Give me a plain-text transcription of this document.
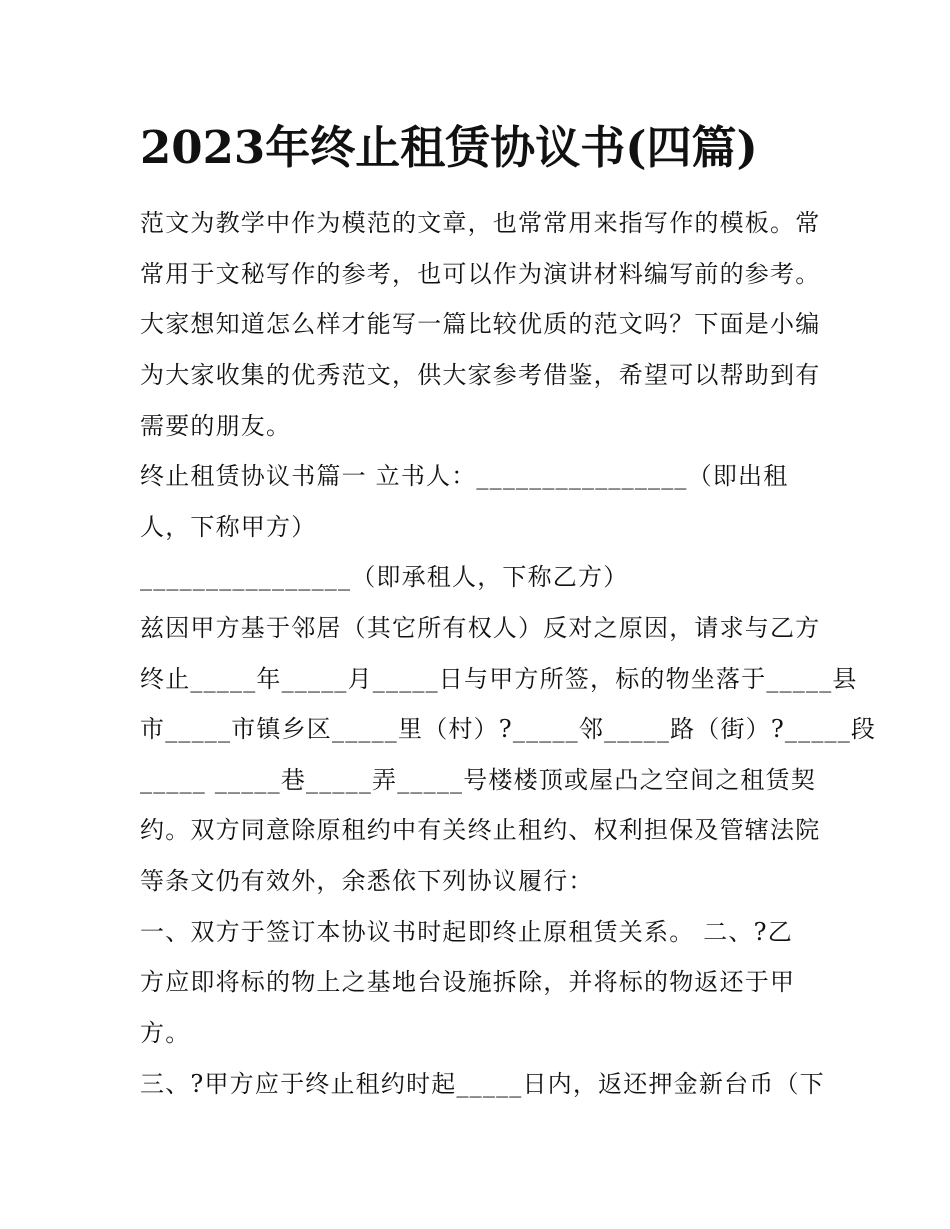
2023年终止租赁协议书(四篇)

范文为教学中作为模范的文章，也常常用来指写作的模板。常

常用于文秘写作的参考，也可以作为演讲材料编写前的参考。

大家想知道怎么样才能写一篇比较优质的范文吗？下面是小编

为大家收集的优秀范文，供大家参考借鉴，希望可以帮助到有

需要的朋友。

终止租赁协议书篇一 立书人：________________（即出租

人，下称甲方）

________________（即承租人，下称乙方）

兹因甲方基于邻居（其它所有权人）反对之原因，请求与乙方

终止_____年_____月_____日与甲方所签，标的物坐落于_____县

市_____市镇乡区_____里（村）?_____邻_____路（街）?_____段

_____ _____巷_____弄_____号楼楼顶或屋凸之空间之租赁契

约。双方同意除原租约中有关终止租约、权利担保及管辖法院

等条文仍有效外，余悉依下列协议履行：

一、双方于签订本协议书时起即终止原租赁关系。 二、?乙

方应即将标的物上之基地台设施拆除，并将标的物返还于甲

方。

三、?甲方应于终止租约时起_____日内，返还押金新台币（下
